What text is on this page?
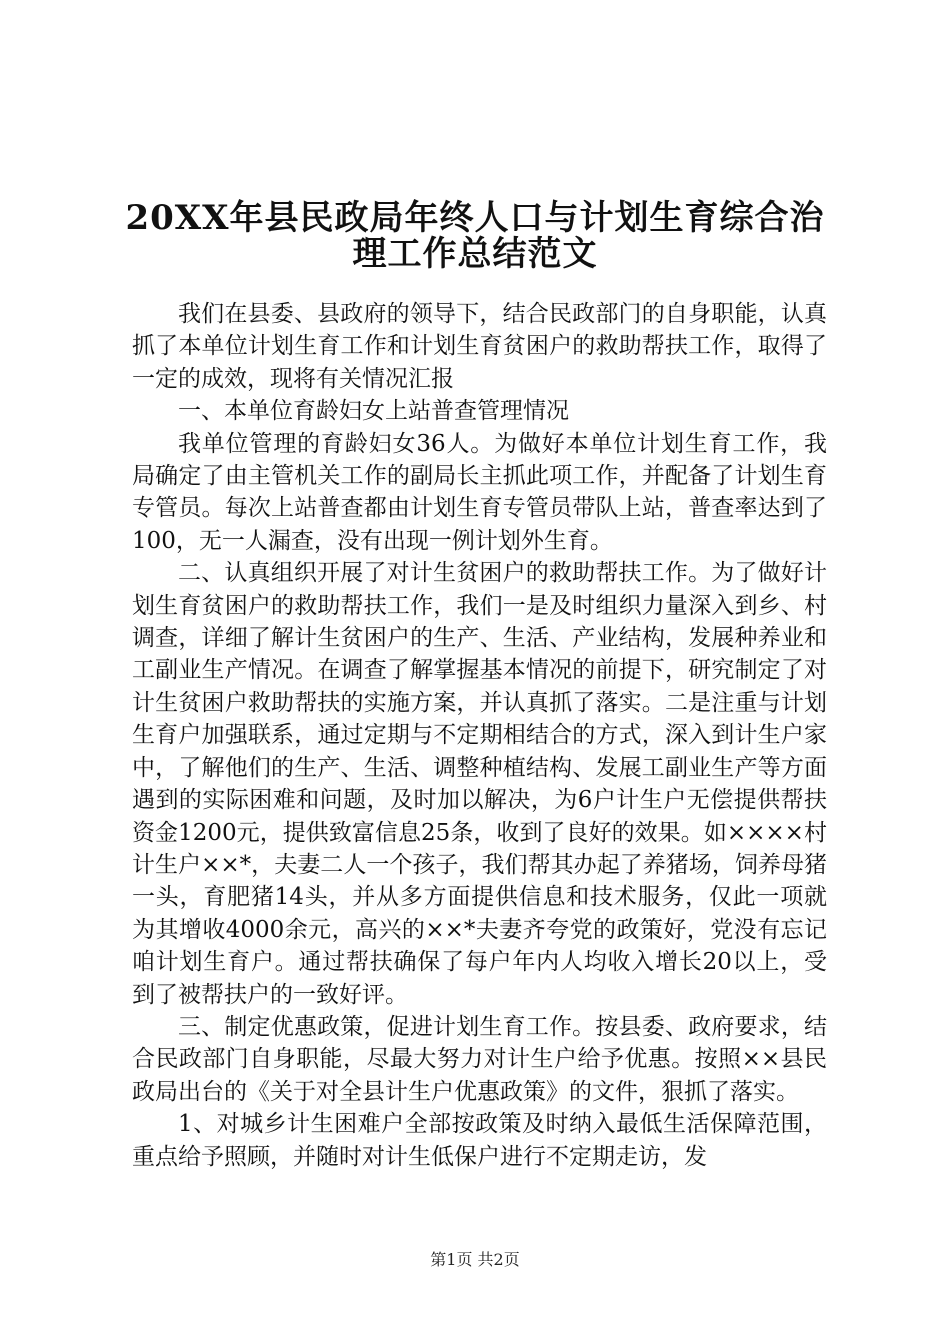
20XX年县民政局年终人口与计划生育综合治
理工作总结范文

我们在县委、县政府的领导下，结合民政部门的自身职能，认真抓了本单位计划生育工作和计划生育贫困户的救助帮扶工作，取得了一定的成效，现将有关情况汇报

一、本单位育龄妇女上站普查管理情况

我单位管理的育龄妇女36人。为做好本单位计划生育工作，我局确定了由主管机关工作的副局长主抓此项工作，并配备了计划生育专管员。每次上站普查都由计划生育专管员带队上站，普查率达到了100，无一人漏查，没有出现一例计划外生育。

二、认真组织开展了对计生贫困户的救助帮扶工作。为了做好计划生育贫困户的救助帮扶工作，我们一是及时组织力量深入到乡、村调查，详细了解计生贫困户的生产、生活、产业结构，发展种养业和工副业生产情况。在调查了解掌握基本情况的前提下，研究制定了对计生贫困户救助帮扶的实施方案，并认真抓了落实。二是注重与计划生育户加强联系，通过定期与不定期相结合的方式，深入到计生户家中，了解他们的生产、生活、调整种植结构、发展工副业生产等方面遇到的实际困难和问题，及时加以解决，为6户计生户无偿提供帮扶资金1200元，提供致富信息25条，收到了良好的效果。如××××村计生户××*，夫妻二人一个孩子，我们帮其办起了养猪场，饲养母猪一头，育肥猪14头，并从多方面提供信息和技术服务，仅此一项就为其增收4000余元，高兴的××*夫妻齐夸党的政策好，党没有忘记咱计划生育户。通过帮扶确保了每户年内人均收入增长20以上，受到了被帮扶户的一致好评。

三、制定优惠政策，促进计划生育工作。按县委、政府要求，结合民政部门自身职能，尽最大努力对计生户给予优惠。按照××县民政局出台的《关于对全县计生户优惠政策》的文件，狠抓了落实。

1、对城乡计生困难户全部按政策及时纳入最低生活保障范围，重点给予照顾，并随时对计生低保户进行不定期走访，发

第1页 共2页
